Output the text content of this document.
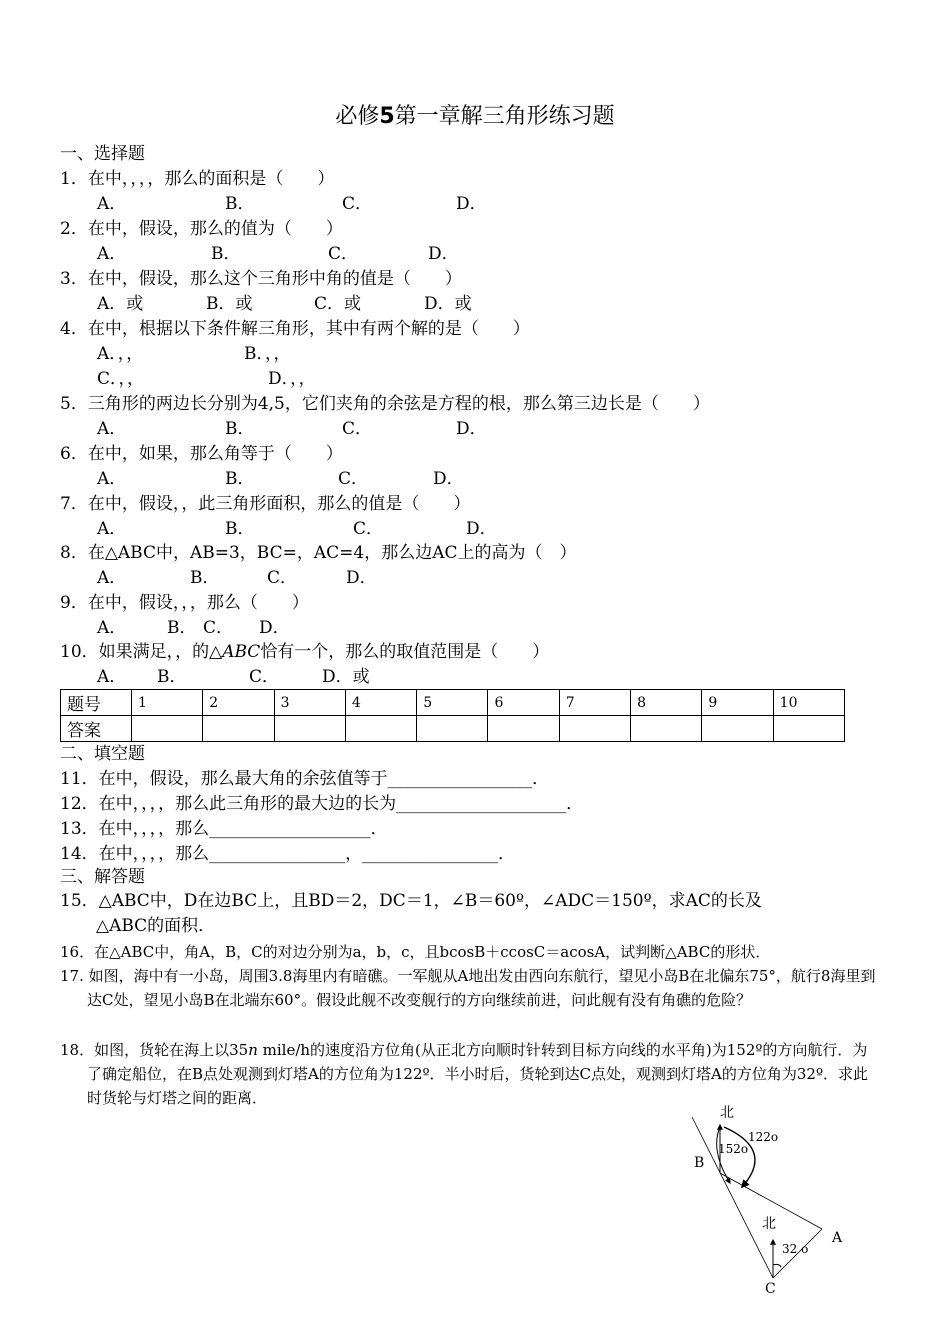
必修5第一章解三角形练习题
一、选择题
1．在中，，，，那么的面积是（　　）
A．	B．	C．	D．
2．在中，假设，那么的值为（　　）
A．	B．	C．	D．
3．在中，假设，那么这个三角形中角的值是（　　）
A．或	B．或	C．或	D．或
4．在中，根据以下条件解三角形，其中有两个解的是（　　）
A．，，	B．，，
C．，，	D．，，
5．三角形的两边长分别为4,5，它们夹角的余弦是方程的根，那么第三边长是（　　）
A．	B．	C．	D．
6．在中，如果，那么角等于（　　）
A．	B．	C．	D．
7．在中，假设，，此三角形面积，那么的值是（　　）
A．	B．	C．	D．
8．在△ABC中，AB=3，BC=，AC=4，那么边AC上的高为（　）
A．	B．	C．	D．
9．在中，假设，，，那么（　　）
A． B． C． D．
10．如果满足，，的△ABC恰有一个，那么的取值范围是（　　）
A． B．	C．	D．或
题号	1	2	3	4	5	6	7	8	9	10
答案										
二、填空题
11．在中，假设，那么最大角的余弦值等于_________________．
12．在中，，，，那么此三角形的最大边的长为____________________．
13．在中，，，，那么___________________．
14．在中，，，，那么________________，________________．
三、解答题
15．△ABC中，D在边BC上，且BD＝2，DC＝1，∠B＝60º，∠ADC＝150º，求AC的长及
△ABC的面积．
16．在△ABC中，角A，B，C的对边分别为a，b，c，且bcosB＋ccosC＝acosA，试判断△ABC的形状．
17. 如图，海中有一小岛，周围3.8海里内有暗礁。一军舰从A地出发由西向东航行，望见小岛B在北偏东75°，航行8海里到达C处，望见小岛B在北端东60°。假设此舰不改变舰行的方向继续前进，问此舰有没有角礁的危险？
18．如图，货轮在海上以35n mile/h的速度沿方位角(从正北方向顺时针转到目标方向线的水平角)为152º的方向航行．为了确定船位，在B点处观测到灯塔A的方位角为122º．半小时后，货轮到达C点处，观测到灯塔A的方位角为32º．求此时货轮与灯塔之间的距离．
北
152o
122o
B
北
32 o
A
C
